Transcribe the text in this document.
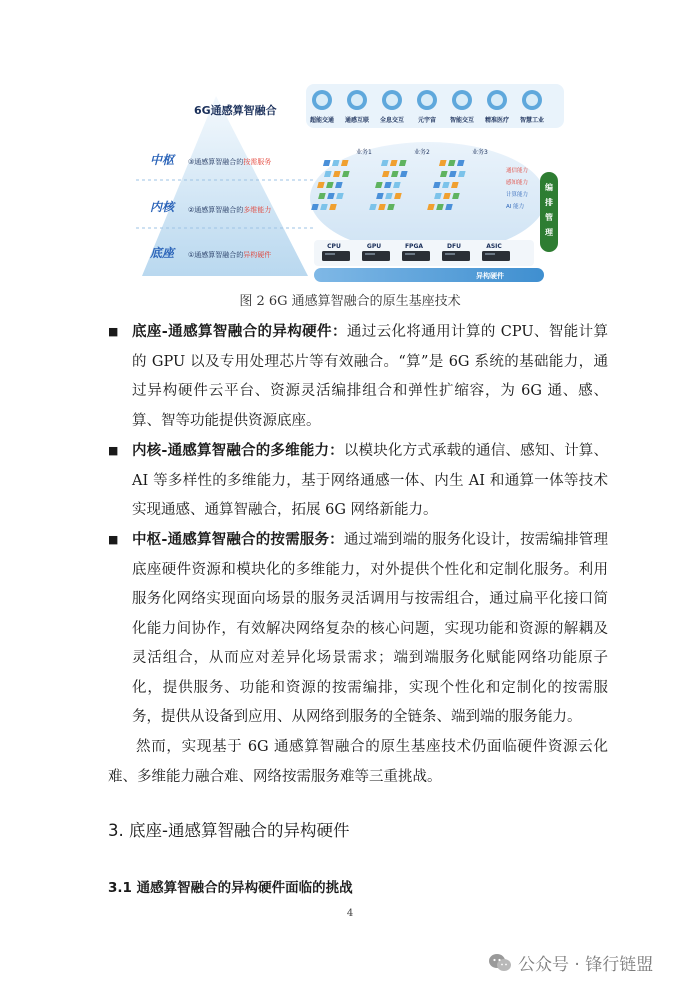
6G通感算智融合
中枢
内核
底座
③通感算智融合的按需服务
②通感算智融合的多维能力
①通感算智融合的异构硬件
超能交通 通感互联 全息交互 元宇宙 智能交互 精准医疗 智慧工业
业务1	业务2	业务3
通信能力
感知能力
计算能力
AI 能力
CPU	GPU	FPGA	DFU	ASIC
异构硬件
编
排
管
理
图 2 6G 通感算智融合的原生基座技术
■ 底座-通感算智融合的异构硬件：通过云化将通用计算的 CPU、智能计算的 GPU 以及专用处理芯片等有效融合。“算”是 6G 系统的基础能力，通过异构硬件云平台、资源灵活编排组合和弹性扩缩容，为 6G 通、感、算、智等功能提供资源底座。
■ 内核-通感算智融合的多维能力：以模块化方式承载的通信、感知、计算、AI 等多样性的多维能力，基于网络通感一体、内生 AI 和通算一体等技术实现通感、通算智融合，拓展 6G 网络新能力。
■ 中枢-通感算智融合的按需服务：通过端到端的服务化设计，按需编排管理底座硬件资源和模块化的多维能力，对外提供个性化和定制化服务。利用服务化网络实现面向场景的服务灵活调用与按需组合，通过扁平化接口简化能力间协作，有效解决网络复杂的核心问题，实现功能和资源的解耦及灵活组合，从而应对差异化场景需求；端到端服务化赋能网络功能原子化，提供服务、功能和资源的按需编排，实现个性化和定制化的按需服务，提供从设备到应用、从网络到服务的全链条、端到端的服务能力。
然而，实现基于 6G 通感算智融合的原生基座技术仍面临硬件资源云化难、多维能力融合难、网络按需服务难等三重挑战。
3. 底座-通感算智融合的异构硬件
3.1 通感算智融合的异构硬件面临的挑战
4
公众号 · 锋行链盟
